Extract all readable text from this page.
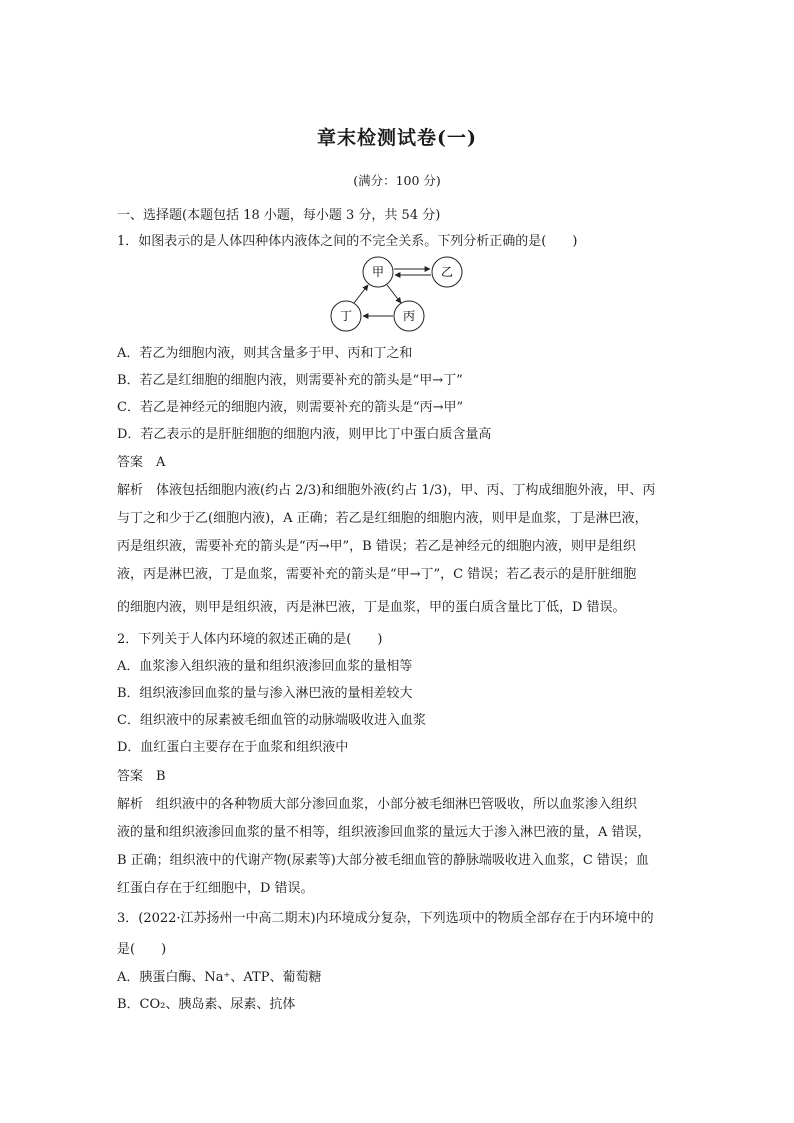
章末检测试卷(一)
(满分：100 分)
一、选择题(本题包括 18 小题，每小题 3 分，共 54 分)
1．如图表示的是人体四种体内液体之间的不完全关系。下列分析正确的是(　　)
甲	乙
丁	丙
A．若乙为细胞内液，则其含量多于甲、丙和丁之和
B．若乙是红细胞的细胞内液，则需要补充的箭头是“甲→丁”
C．若乙是神经元的细胞内液，则需要补充的箭头是“丙→甲”
D．若乙表示的是肝脏细胞的细胞内液，则甲比丁中蛋白质含量高
答案　A
解析　体液包括细胞内液(约占 2/3)和细胞外液(约占 1/3)，甲、丙、丁构成细胞外液，甲、丙
与丁之和少于乙(细胞内液)，A 正确；若乙是红细胞的细胞内液，则甲是血浆，丁是淋巴液，
丙是组织液，需要补充的箭头是“丙→甲”，B 错误；若乙是神经元的细胞内液，则甲是组织
液，丙是淋巴液，丁是血浆，需要补充的箭头是“甲→丁”，C 错误；若乙表示的是肝脏细胞
的细胞内液，则甲是组织液，丙是淋巴液，丁是血浆，甲的蛋白质含量比丁低，D 错误。
2．下列关于人体内环境的叙述正确的是(　　)
A．血浆渗入组织液的量和组织液渗回血浆的量相等
B．组织液渗回血浆的量与渗入淋巴液的量相差较大
C．组织液中的尿素被毛细血管的动脉端吸收进入血浆
D．血红蛋白主要存在于血浆和组织液中
答案　B
解析　组织液中的各种物质大部分渗回血浆，小部分被毛细淋巴管吸收，所以血浆渗入组织
液的量和组织液渗回血浆的量不相等，组织液渗回血浆的量远大于渗入淋巴液的量，A 错误，
B 正确；组织液中的代谢产物(尿素等)大部分被毛细血管的静脉端吸收进入血浆，C 错误；血
红蛋白存在于红细胞中，D 错误。
3．(2022·江苏扬州一中高二期末)内环境成分复杂，下列选项中的物质全部存在于内环境中的
是(　　)
A．胰蛋白酶、Na⁺、ATP、葡萄糖
B．CO₂、胰岛素、尿素、抗体
